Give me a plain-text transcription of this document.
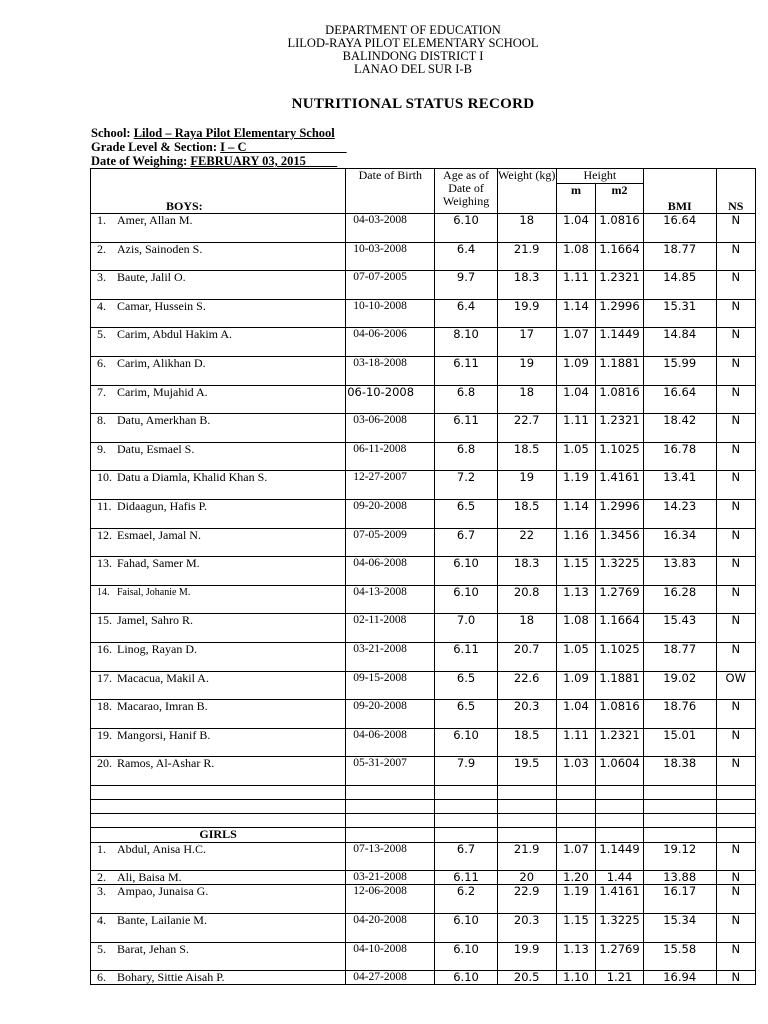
DEPARTMENT OF EDUCATION
LILOD-RAYA PILOT ELEMENTARY SCHOOL
BALINDONG DISTRICT I
LANAO DEL SUR I-B
NUTRITIONAL STATUS RECORD
School: Lilod – Raya Pilot Elementary School
Grade Level & Section: I – C________________
Date of Weighing: FEBRUARY 03, 2015_____
BOYS:	Date of Birth	Age as of Date of Weighing	Weight (kg)	Height		BMI	NS
				m	m2		
1. Amer, Allan M.	04-03-2008	6.10	18	1.04	1.0816	16.64	N
2. Azis, Sainoden S.	10-03-2008	6.4	21.9	1.08	1.1664	18.77	N
3. Baute, Jalil O.	07-07-2005	9.7	18.3	1.11	1.2321	14.85	N
4. Camar, Hussein S.	10-10-2008	6.4	19.9	1.14	1.2996	15.31	N
5. Carim, Abdul Hakim A.	04-06-2006	8.10	17	1.07	1.1449	14.84	N
6. Carim, Alikhan D.	03-18-2008	6.11	19	1.09	1.1881	15.99	N
7. Carim, Mujahid A.	06-10-2008	6.8	18	1.04	1.0816	16.64	N
8. Datu, Amerkhan B.	03-06-2008	6.11	22.7	1.11	1.2321	18.42	N
9. Datu, Esmael S.	06-11-2008	6.8	18.5	1.05	1.1025	16.78	N
10. Datu a Diamla, Khalid Khan S.	12-27-2007	7.2	19	1.19	1.4161	13.41	N
11. Didaagun, Hafis P.	09-20-2008	6.5	18.5	1.14	1.2996	14.23	N
12. Esmael, Jamal N.	07-05-2009	6.7	22	1.16	1.3456	16.34	N
13. Fahad, Samer M.	04-06-2008	6.10	18.3	1.15	1.3225	13.83	N
14. Faisal, Johanie M.	04-13-2008	6.10	20.8	1.13	1.2769	16.28	N
15. Jamel, Sahro R.	02-11-2008	7.0	18	1.08	1.1664	15.43	N
16. Linog, Rayan D.	03-21-2008	6.11	20.7	1.05	1.1025	18.77	N
17. Macacua, Makil A.	09-15-2008	6.5	22.6	1.09	1.1881	19.02	OW
18. Macarao, Imran B.	09-20-2008	6.5	20.3	1.04	1.0816	18.76	N
19. Mangorsi, Hanif B.	04-06-2008	6.10	18.5	1.11	1.2321	15.01	N
20. Ramos, Al-Ashar R.	05-31-2007	7.9	19.5	1.03	1.0604	18.38	N

GIRLS							
1. Abdul, Anisa H.C.	07-13-2008	6.7	21.9	1.07	1.1449	19.12	N
2. Ali, Baisa M.	03-21-2008	6.11	20	1.20	1.44	13.88	N
3. Ampao, Junaisa G.	12-06-2008	6.2	22.9	1.19	1.4161	16.17	N
4. Bante, Lailanie M.	04-20-2008	6.10	20.3	1.15	1.3225	15.34	N
5. Barat, Jehan S.	04-10-2008	6.10	19.9	1.13	1.2769	15.58	N
6. Bohary, Sittie Aisah P.	04-27-2008	6.10	20.5	1.10	1.21	16.94	N
